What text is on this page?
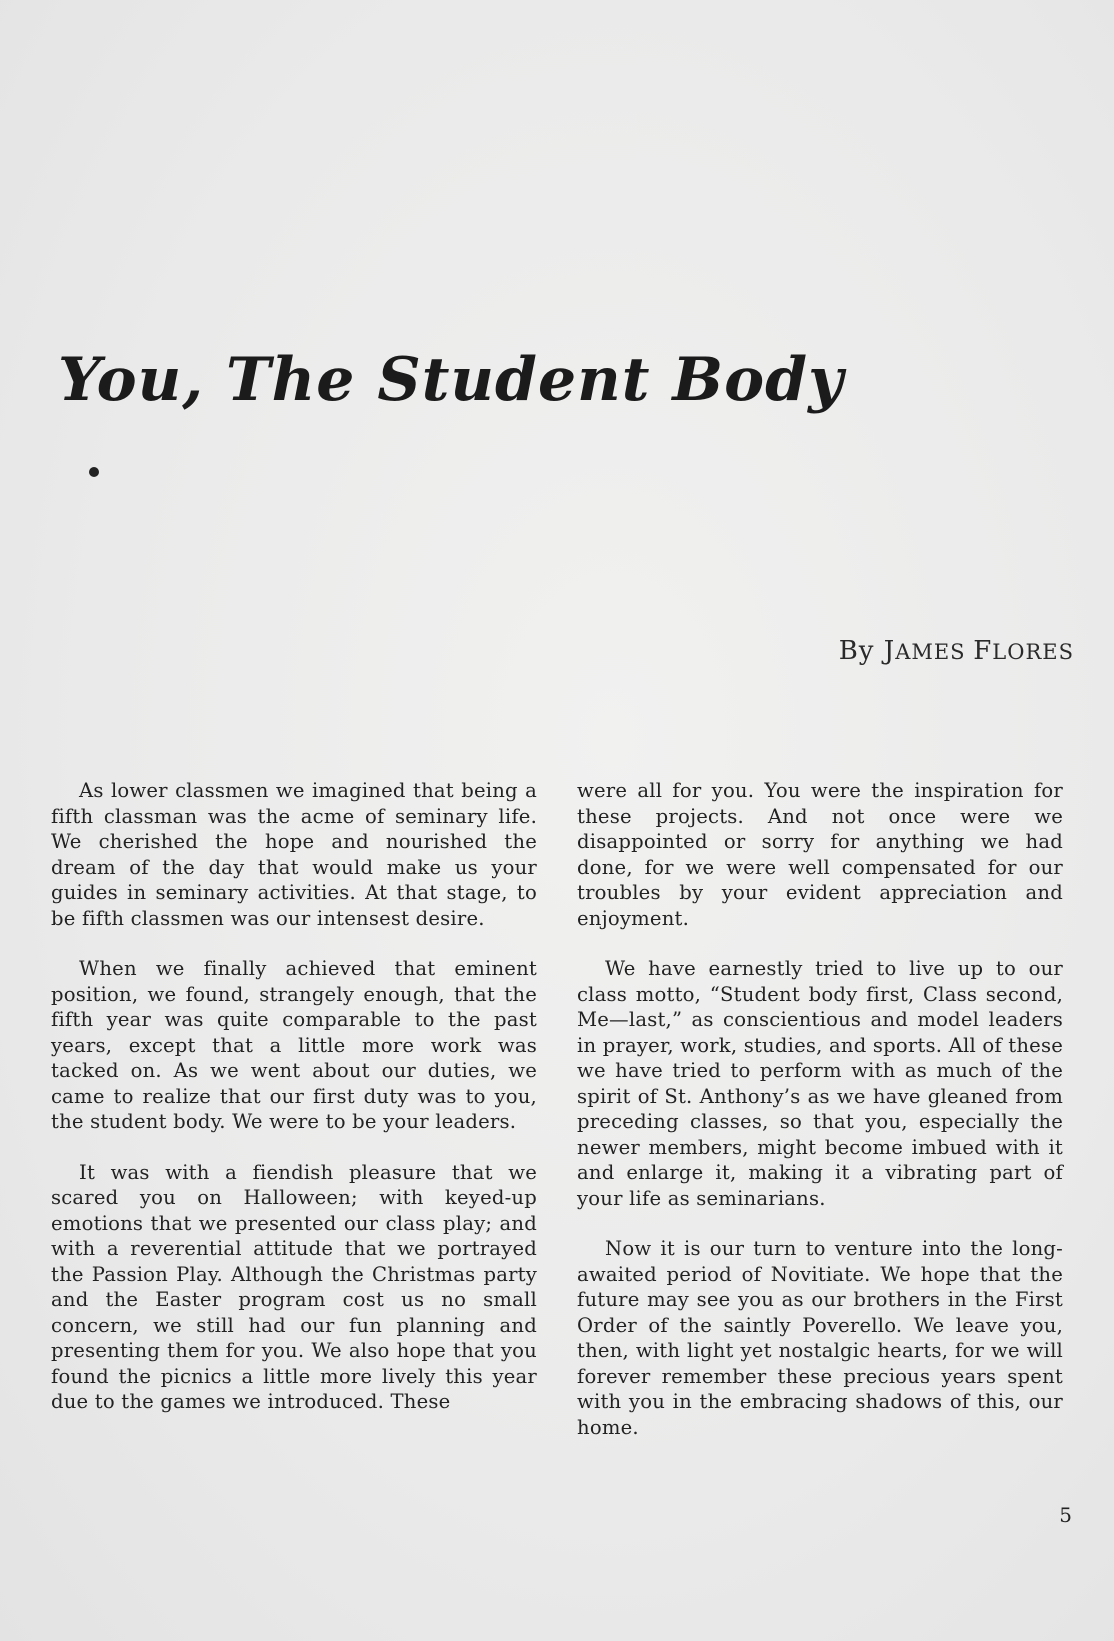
You, The Student Body
By JAMES FLORES

As lower classmen we imagined that being a fifth classman was the acme of seminary life. We cherished the hope and nourished the dream of the day that would make us your guides in seminary activities. At that stage, to be fifth classmen was our intensest desire.

When we finally achieved that eminent position, we found, strangely enough, that the fifth year was quite comparable to the past years, except that a little more work was tacked on. As we went about our duties, we came to realize that our first duty was to you, the student body. We were to be your leaders.

It was with a fiendish pleasure that we scared you on Halloween; with keyed-up emotions that we presented our class play; and with a reverential attitude that we portrayed the Passion Play. Although the Christmas party and the Easter program cost us no small concern, we still had our fun planning and presenting them for you. We also hope that you found the picnics a little more lively this year due to the games we introduced. These

were all for you. You were the inspiration for these projects. And not once were we disappointed or sorry for anything we had done, for we were well compensated for our troubles by your evident appreciation and enjoyment.

We have earnestly tried to live up to our class motto, “Student body first, Class second, Me—last,” as conscientious and model leaders in prayer, work, studies, and sports. All of these we have tried to perform with as much of the spirit of St. Anthony’s as we have gleaned from preceding classes, so that you, especially the newer members, might become imbued with it and enlarge it, making it a vibrating part of your life as seminarians.

Now it is our turn to venture into the long-awaited period of Novitiate. We hope that the future may see you as our brothers in the First Order of the saintly Poverello. We leave you, then, with light yet nostalgic hearts, for we will forever remember these precious years spent with you in the embracing shadows of this, our home.

5
